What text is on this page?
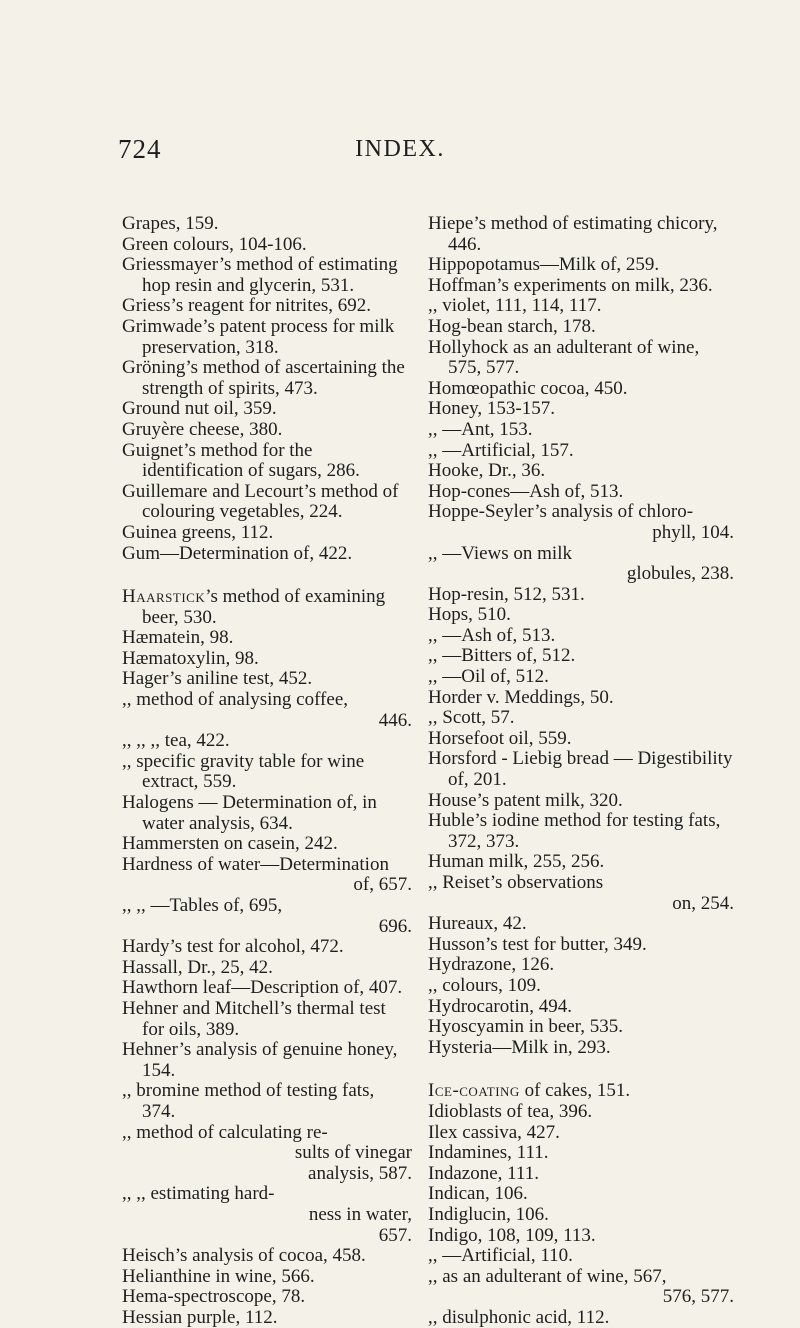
724	INDEX.
Grapes, 159.
Green colours, 104-106.
Griessmayer’s method of estimating hop resin and glycerin, 531.
Griess’s reagent for nitrites, 692.
Grimwade’s patent process for milk preservation, 318.
Gröning’s method of ascertaining the strength of spirits, 473.
Ground nut oil, 359.
Gruyère cheese, 380.
Guignet’s method for the identification of sugars, 286.
Guillemare and Lecourt’s method of colouring vegetables, 224.
Guinea greens, 112.
Gum—Determination of, 422.
Haarstick’s method of examining beer, 530.
Hæmatein, 98.
Hæmatoxylin, 98.
Hager’s aniline test, 452.
,, method of analysing coffee,
446.
,, ,, ,, tea, 422.
,, specific gravity table for wine extract, 559.
Halogens — Determination of, in water analysis, 634.
Hammersten on casein, 242.
Hardness of water—Determination
of, 657.
,, ,, —Tables of, 695,
696.
Hardy’s test for alcohol, 472.
Hassall, Dr., 25, 42.
Hawthorn leaf—Description of, 407.
Hehner and Mitchell’s thermal test for oils, 389.
Hehner’s analysis of genuine honey, 154.
,, bromine method of testing fats, 374.
,, method of calculating re-
sults of vinegar
analysis, 587.
,, ,, estimating hard-
ness in water,
657.
Heisch’s analysis of cocoa, 458.
Helianthine in wine, 566.
Hema-spectroscope, 78.
Hessian purple, 112.
Hiepe’s method of estimating chicory, 446.
Hippopotamus—Milk of, 259.
Hoffman’s experiments on milk, 236.
,, violet, 111, 114, 117.
Hog-bean starch, 178.
Hollyhock as an adulterant of wine, 575, 577.
Homœopathic cocoa, 450.
Honey, 153-157.
,, —Ant, 153.
,, —Artificial, 157.
Hooke, Dr., 36.
Hop-cones—Ash of, 513.
Hoppe-Seyler’s analysis of chloro-
phyll, 104.
,, —Views on milk
globules, 238.
Hop-resin, 512, 531.
Hops, 510.
,, —Ash of, 513.
,, —Bitters of, 512.
,, —Oil of, 512.
Horder v. Meddings, 50.
,, Scott, 57.
Horsefoot oil, 559.
Horsford - Liebig bread — Digestibility of, 201.
House’s patent milk, 320.
Huble’s iodine method for testing fats, 372, 373.
Human milk, 255, 256.
,, Reiset’s observations
on, 254.
Hureaux, 42.
Husson’s test for butter, 349.
Hydrazone, 126.
,, colours, 109.
Hydrocarotin, 494.
Hyoscyamin in beer, 535.
Hysteria—Milk in, 293.
Ice-coating of cakes, 151.
Idioblasts of tea, 396.
Ilex cassiva, 427.
Indamines, 111.
Indazone, 111.
Indican, 106.
Indiglucin, 106.
Indigo, 108, 109, 113.
,, —Artificial, 110.
,, as an adulterant of wine, 567,
576, 577.
,, disulphonic acid, 112.
